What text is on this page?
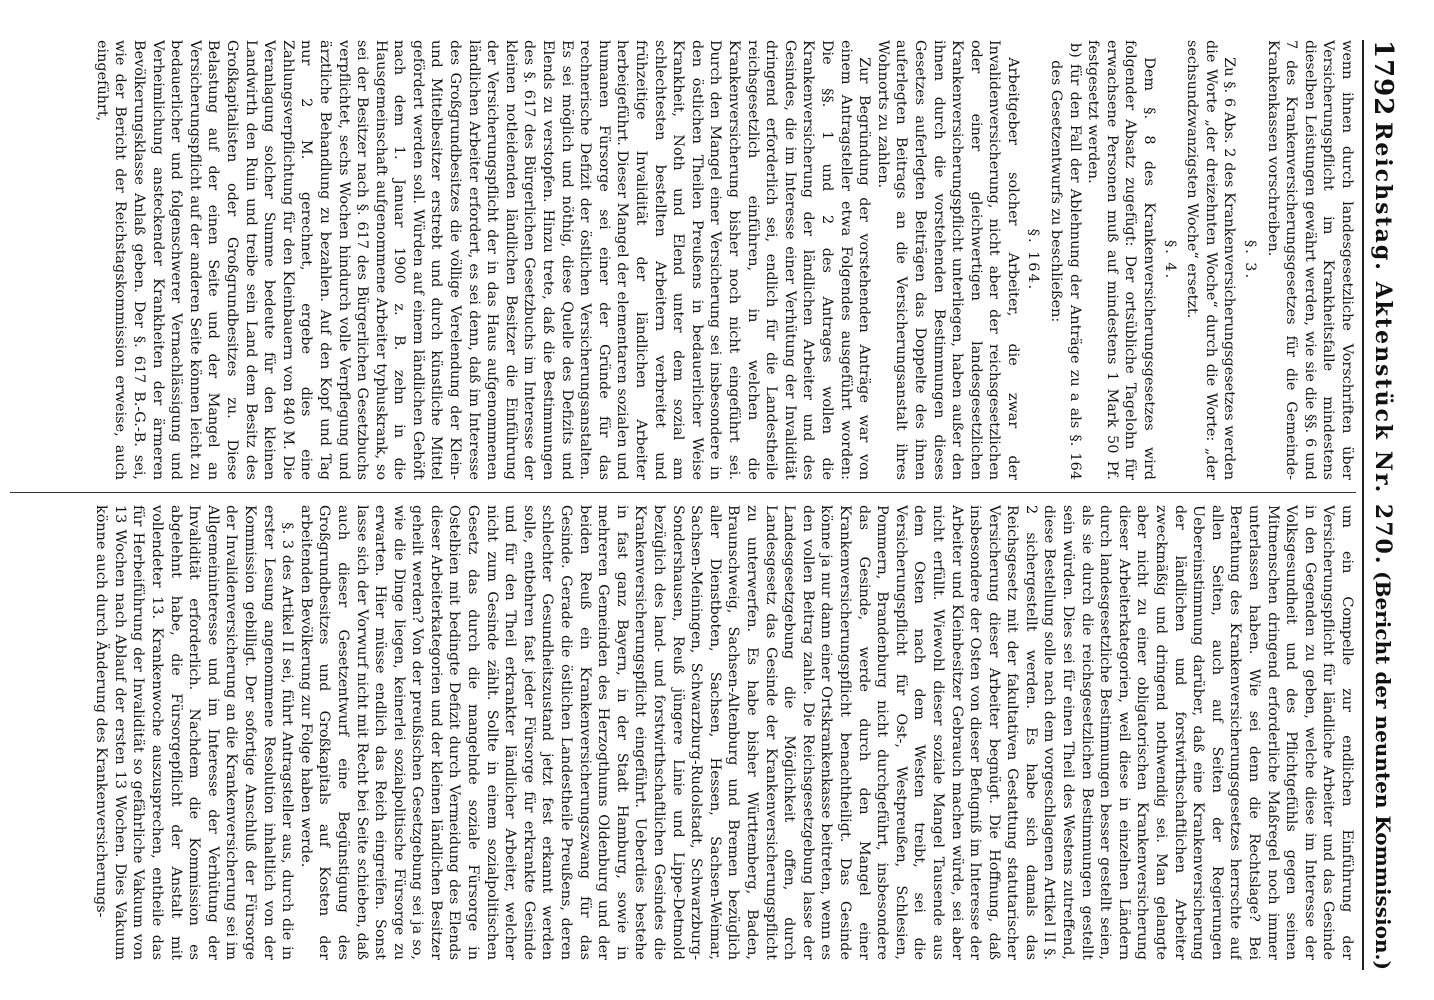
1792
Reichstag. Aktenstück Nr. 270.
(Bericht der neunten Kommission.)

wenn ihnen durch landesgesetzliche Vorschriften über Versicherungspflicht im Krankheitsfalle mindestens dieselben Leistungen gewährt werden, wie sie die §§. 6 und 7 des Krankenversicherungsgesetzes für die Gemeinde-Krankenkassen vorschreiben.

§. 3.

Zu §. 6 Abs. 2 des Krankenversicherungsgesetzes werden die Worte „der dreizehnten Woche“ durch die Worte: „der sechsundzwanzigsten Woche“ ersetzt.

§. 4.

Dem §. 8 des Krankenversicherungsgesetzes wird folgender Absatz zugefügt: Der ortsübliche Tagelohn für erwachsene Personen muß auf mindestens 1 Mark 50 Pf. festgesetzt werden.

b) für den Fall der Ablehnung der Anträge zu a als §. 164 des Gesetzentwurfs zu beschließen:

§. 164.

Arbeitgeber solcher Arbeiter, die zwar der Invalidenversicherung, nicht aber der reichsgesetzlichen oder einer gleichwertigen landesgesetzlichen Krankenversicherungspflicht unterliegen, haben außer den ihnen durch die vorstehenden Bestimmungen dieses Gesetzes auferlegten Beiträgen das Doppelte des ihnen auferlegten Beitrags an die Versicherungsanstalt ihres Wohnorts zu zahlen.

Zur Begründung der vorstehenden Anträge war von einem Antragsteller etwa Folgendes ausgeführt worden: Die §§. 1 und 2 des Antrages wollen die Krankenversicherung der ländlichen Arbeiter und des Gesindes, die im Interesse einer Verhütung der Invalidität dringend erforderlich sei, endlich für die Landestheile reichsgesetzlich einführen, in welchen die Krankenversicherung bisher noch nicht eingeführt sei. Durch den Mangel einer Versicherung sei insbesondere in den östlichen Theilen Preußens in bedauerlicher Weise Krankheit, Noth und Elend unter dem sozial am schlechtesten bestellten Arbeitern verbreitet und frühzeitige Invalidität der ländlichen Arbeiter herbeigeführt. Dieser Mangel der elementaren sozialen und humanen Fürsorge sei einer der Gründe für das rechnerische Defizit der östlichen Versicherungsanstalten. Es sei möglich und nöthig, diese Quelle des Defizits und Elends zu verstopfen. Hinzu trete, daß die Bestimmungen des §. 617 des Bürgerlichen Gesetzbuchs im Interesse der kleinen notleidenden ländlichen Besitzer die Einführung der Versicherungspflicht der in das Haus aufgenommenen ländlichen Arbeiter erfordert, es sei denn, daß im Interesse des Großgrundbesitzes die völlige Verelendung der Klein- und Mittelbesitzer erstrebt und durch künstliche Mittel gefördert werden soll. Würden auf einem ländlichen Gehöft nach dem 1. Januar 1900 z. B. zehn in die Hausgemeinschaft aufgenommene Arbeiter typhuskrank, so sei der Besitzer nach §. 617 des Bürgerlichen Gesetzbuchs verpflichtet, sechs Wochen hindurch volle Verpflegung und ärztliche Behandlung zu bezahlen. Auf den Kopf und Tag nur 2 M. gerechnet, ergebe dies eine Zahlungsverpflichtung für den Kleinbauern von 840 M. Die Veranlagung solcher Summe bedeute für den kleinen Landwirth den Ruin und treibe sein Land dem Besitz des Großkapitalisten oder Großgrundbesitzes zu. Diese Belastung auf der einen Seite und der Mangel an Versicherungspflicht auf der anderen Seite können leicht zu bedauerlicher und folgenschwerer Vernachlässigung und Verheimlichung ansteckender Krankheiten der ärmeren Bevölkerungsklasse Anlaß geben. Der §. 617 B.-G.-B. sei, wie der Bericht der Reichstagskommission erweise, auch eingeführt,

um ein Compelle zur endlichen Einführung der Versicherungspflicht für ländliche Arbeiter und das Gesinde in den Gegenden zu geben, welche diese im Interesse der Volksgesundheit und des Pflichtgefühls gegen seinen Mitmenschen dringend erforderliche Maßregel noch immer unterlassen haben. Wie sei denn die Rechtslage? Bei Berathung des Krankenversicherungsgesetzes herrschte auf allen Seiten, auch auf Seiten der Regierungen Uebereinstimmung darüber, daß eine Krankenversicherung der ländlichen und forstwirthschaftlichen Arbeiter zweckmäßig und dringend nothwendig sei. Man gelangte aber nicht zu einer obligatorischen Krankenversicherung dieser Arbeiterkategorien, weil diese in einzelnen Ländern durch landesgesetzliche Bestimmungen besser gestellt seien, als sie durch die reichsgesetzlichen Bestimmungen gestellt sein würden. Dies sei für einen Theil des Westens zutreffend, diese Bestellung solle nach dem vorgeschlagenen Artikel II §. 2 sichergestellt werden. Es habe sich damals das Reichsgesetz mit der fakultativen Gestattung statutarischer Versicherung dieser Arbeiter begnügt. Die Hoffnung, daß insbesondere der Osten von dieser Befugniß im Interesse der Arbeiter und Kleinbesitzer Gebrauch machen würde, sei aber nicht erfüllt. Wiewohl dieser soziale Mangel Tausende aus dem Osten nach dem Westen treibt, sei die Versicherungspflicht für Ost-, Westpreußen, Schlesien, Pommern, Brandenburg nicht durchgeführt, insbesondere das Gesinde, werde durch den Mangel einer Krankenversicherungspflicht benachtheiligt. Das Gesinde könne ja nur dann einer Ortskrankenkasse beitreten, wenn es den vollen Beitrag zahle. Die Reichsgesetzgebung lasse der Landesgesetzgebung die Möglichkeit offen, durch Landesgesetz das Gesinde der Krankenversicherungspflicht zu unterwerfen. Es habe bisher Württemberg, Baden, Braunschweig, Sachsen-Altenburg und Bremen bezüglich aller Dienstboten, Sachsen, Hessen, Sachsen-Weimar, Sachsen-Meiningen, Schwarzburg-Rudolstadt, Schwarzburg-Sondershausen, Reuß jüngere Linie und Lippe-Detmold bezüglich des land- und forstwirthschaftlichen Gesindes die Krankenversicherungspflicht eingeführt. Ueberdies bestehe in fast ganz Bayern, in der Stadt Hamburg, sowie in mehreren Gemeinden des Herzogthums Oldenburg und der beiden Reuß ein Krankenversicherungszwang für das Gesinde. Gerade die östlichen Landestheile Preußens, deren schlechter Gesundheitszustand jetzt fest erkannt werden solle, entbehren fast jeder Fürsorge für erkrankte Gesinde und für den Theil erkrankter ländlicher Arbeiter, welcher nicht zum Gesinde zählt. Sollte in einem sozialpolitischen Gesetz das durch die mangelnde soziale Fürsorge in Ostelbien mit bedingte Defizit durch Vermeidung des Elends dieser Arbeiterkategorien und der kleinen ländlichen Besitzer geheilt werden? Von der preußischen Gesetzgebung sei ja so, wie die Dinge liegen, keinerlei sozialpolitische Fürsorge zu erwarten. Hier müsse endlich das Reich eingreifen. Sonst lasse sich der Vorwurf nicht mit Recht bei Seite schieben, daß auch dieser Gesetzentwurf eine Begünstigung des Großgrundbesitzes und Großkapitals auf Kosten der arbeitenden Bevölkerung zur Folge haben werde.

§. 3 des Artikel II sei, führt Antragsteller aus, durch die in erster Lesung angenommene Resolution inhaltlich von der Kommission gebilligt. Der sofortige Anschluß der Fürsorge der Invalidenversicherung an die Krankenversicherung sei im Allgemeininteresse und im Interesse der Verhütung der Invalidität erforderlich. Nachdem die Kommission es abgelehnt habe, die Fürsorgepflicht der Anstalt mit vollendeter 13. Krankenwoche auszusprechen, entheile das für Herbeiführung der Invalidität so gefährliche Vakuum von 13 Wochen nach Ablauf der ersten 13 Wochen. Dies Vakuum könne auch durch Änderung des Krankenversicherungs-
